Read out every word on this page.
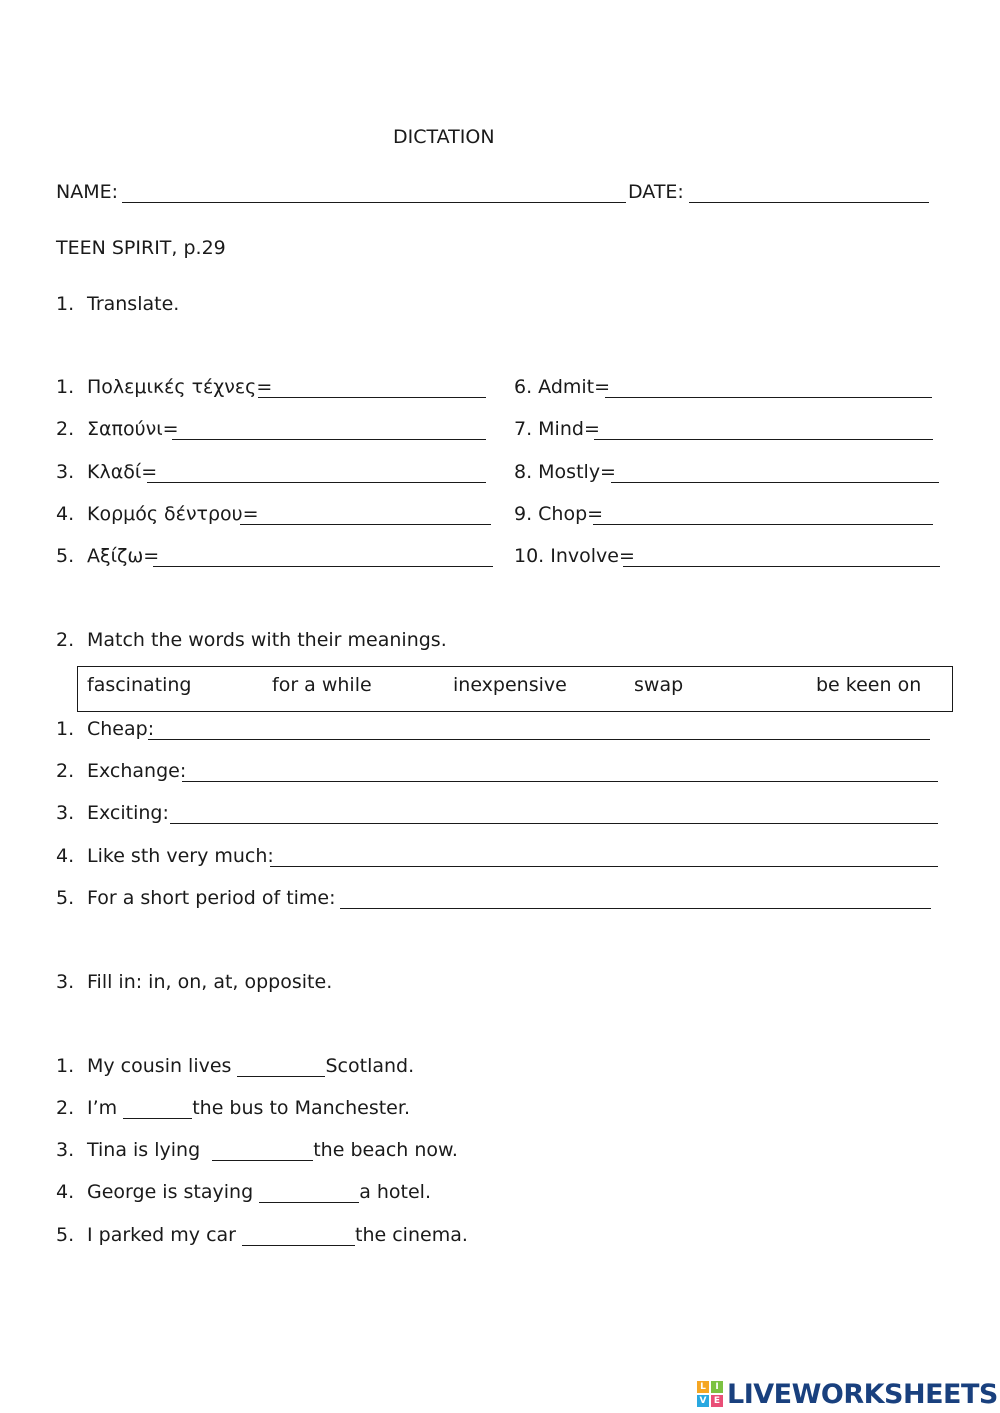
DICTATION
NAME:	DATE:
TEEN SPIRIT, p.29
1. Translate.
1. Πολεμικές τέχνες=
2. Σαπούνι=
3. Κλαδί=
4. Κορμός δέντρου=
5. Αξίζω=
6. Admit=
7. Mind=
8. Mostly=
9. Chop=
10. Involve=
2. Match the words with their meanings.
fascinating	for a while	inexpensive	swap	be keen on
1. Cheap:
2. Exchange:
3. Exciting:
4. Like sth very much:
5. For a short period of time:
3. Fill in: in, on, at, opposite.
1. My cousin lives	Scotland.
2. I’m	the bus to Manchester.
3. Tina is lying	the beach now.
4. George is staying	a hotel.
5. I parked my car	the cinema.
L	I
V E LIVEWORKSHEETS
